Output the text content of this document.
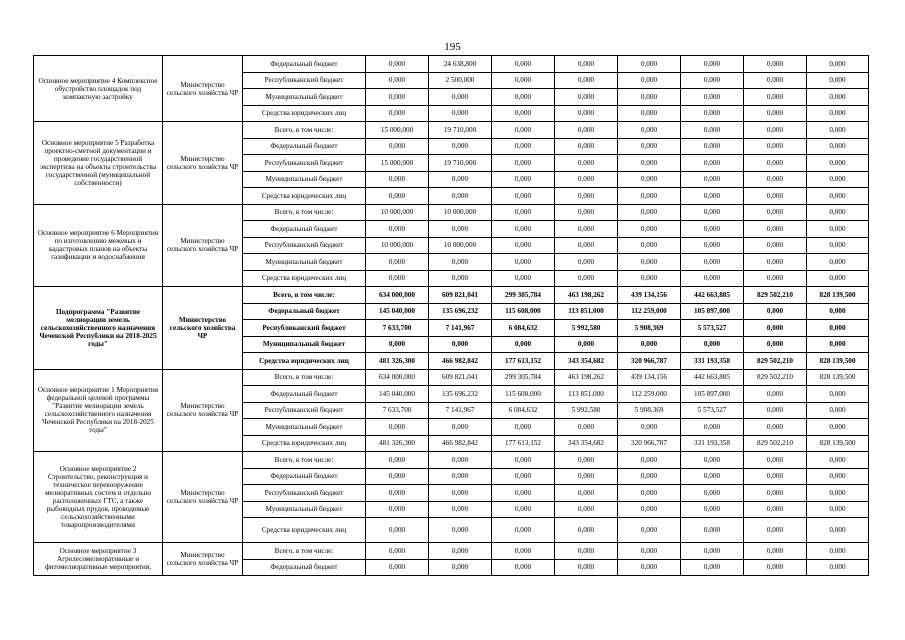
195
Основное мероприятие 4 Комплексное обустройство площадок под компактную застройку	Министерство сельского хозяйства ЧР	Федеральный бюджет	0,000	24 638,800	0,000	0,000	0,000	0,000	0,000	0,000
		Республиканский бюджет	0,000	2 500,000	0,000	0,000	0,000	0,000	0,000	0,000
		Муниципальный бюджет	0,000	0,000	0,000	0,000	0,000	0,000	0,000	0,000
		Средства юридических лиц	0,000	0,000	0,000	0,000	0,000	0,000	0,000	0,000
Основное мероприятие 5 Разработка проектно-сметной документации и проведение государственной экспертизы на объекты строительства государственной (муниципальной собственности)	Министерство сельского хозяйства ЧР	Всего, в том числе:	15 000,000	19 710,000	0,000	0,000	0,000	0,000	0,000	0,000
		Федеральный бюджет	0,000	0,000	0,000	0,000	0,000	0,000	0,000	0,000
		Республиканский бюджет	15 000,000	19 710,000	0,000	0,000	0,000	0,000	0,000	0,000
		Муниципальный бюджет	0,000	0,000	0,000	0,000	0,000	0,000	0,000	0,000
		Средства юридических лиц	0,000	0,000	0,000	0,000	0,000	0,000	0,000	0,000
Основное мероприятие 6 Мероприятия по изготовлению межевых и кадастровых планов на объекты газификации и водоснабжения	Министерство сельского хозяйства ЧР	Всего, в том числе:	10 000,000	10 000,000	0,000	0,000	0,000	0,000	0,000	0,000
		Федеральный бюджет	0,000	0,000	0,000	0,000	0,000	0,000	0,000	0,000
		Республиканский бюджет	10 000,000	10 000,000	0,000	0,000	0,000	0,000	0,000	0,000
		Муниципальный бюджет	0,000	0,000	0,000	0,000	0,000	0,000	0,000	0,000
		Средства юридических лиц	0,000	0,000	0,000	0,000	0,000	0,000	0,000	0,000
Подпрограмма "Развитие мелиорации земель сельскохозяйственного назначения Чеченской Республики на 2018-2025 годы"	Министерство сельского хозяйства ЧР	Всего, в том числе:	634 000,000	609 821,041	299 305,784	463 198,262	439 134,156	442 663,885	829 502,210	828 139,500
		Федеральный бюджет	145 040,000	135 696,232	115 608,000	113 851,000	112 259,000	105 897,000	0,000	0,000
		Республиканский бюджет	7 633,700	7 141,967	6 084,632	5 992,580	5 908,369	5 573,527	0,000	0,000
		Муниципальный бюджет	0,000	0,000	0,000	0,000	0,000	0,000	0,000	0,000
		Средства юридических лиц	481 326,300	466 982,842	177 613,152	343 354,682	320 966,787	331 193,358	829 502,210	828 139,500
Основное мероприятие 1 Мероприятия федеральной целевой программы "Развитие мелиорации земель сельскохозяйственного назначения Чеченской Республики на 2018-2025 годы"	Министерство сельского хозяйства ЧР	Всего, в том числе:	634 000,000	609 821,041	299 305,784	463 198,262	439 134,156	442 663,885	829 502,210	828 139,500
		Федеральный бюджет	145 040,000	135 696,232	115 608,000	113 851,000	112 259,000	105 897,000	0,000	0,000
		Республиканский бюджет	7 633,700	7 141,967	6 084,632	5 992,580	5 908,369	5 573,527	0,000	0,000
		Муниципальный бюджет	0,000	0,000	0,000	0,000	0,000	0,000	0,000	0,000
		Средства юридических лиц	481 326,300	466 982,842	177 613,152	343 354,682	320 966,787	331 193,358	829 502,210	828 139,500
Основное мероприятие 2 Строительство, реконструкция и техническое перевооружение мелиоративных систем и отдельно расположенных ГТС, а также рыбоводных прудов, проводимые сельскохозяйственными товаропроизводителями	Министерство сельского хозяйства ЧР	Всего, в том числе:	0,000	0,000	0,000	0,000	0,000	0,000	0,000	0,000
		Федеральный бюджет	0,000	0,000	0,000	0,000	0,000	0,000	0,000	0,000
		Республиканский бюджет	0,000	0,000	0,000	0,000	0,000	0,000	0,000	0,000
		Муниципальный бюджет	0,000	0,000	0,000	0,000	0,000	0,000	0,000	0,000
		Средства юридических лиц	0,000	0,000	0,000	0,000	0,000	0,000	0,000	0,000
Основное мероприятие 3 Агролесомелиоративные и фитомелиоративные мероприятия,	Министерство сельского хозяйства ЧР	Всего, в том числе:	0,000	0,000	0,000	0,000	0,000	0,000	0,000	0,000
		Федеральный бюджет	0,000	0,000	0,000	0,000	0,000	0,000	0,000	0,000
